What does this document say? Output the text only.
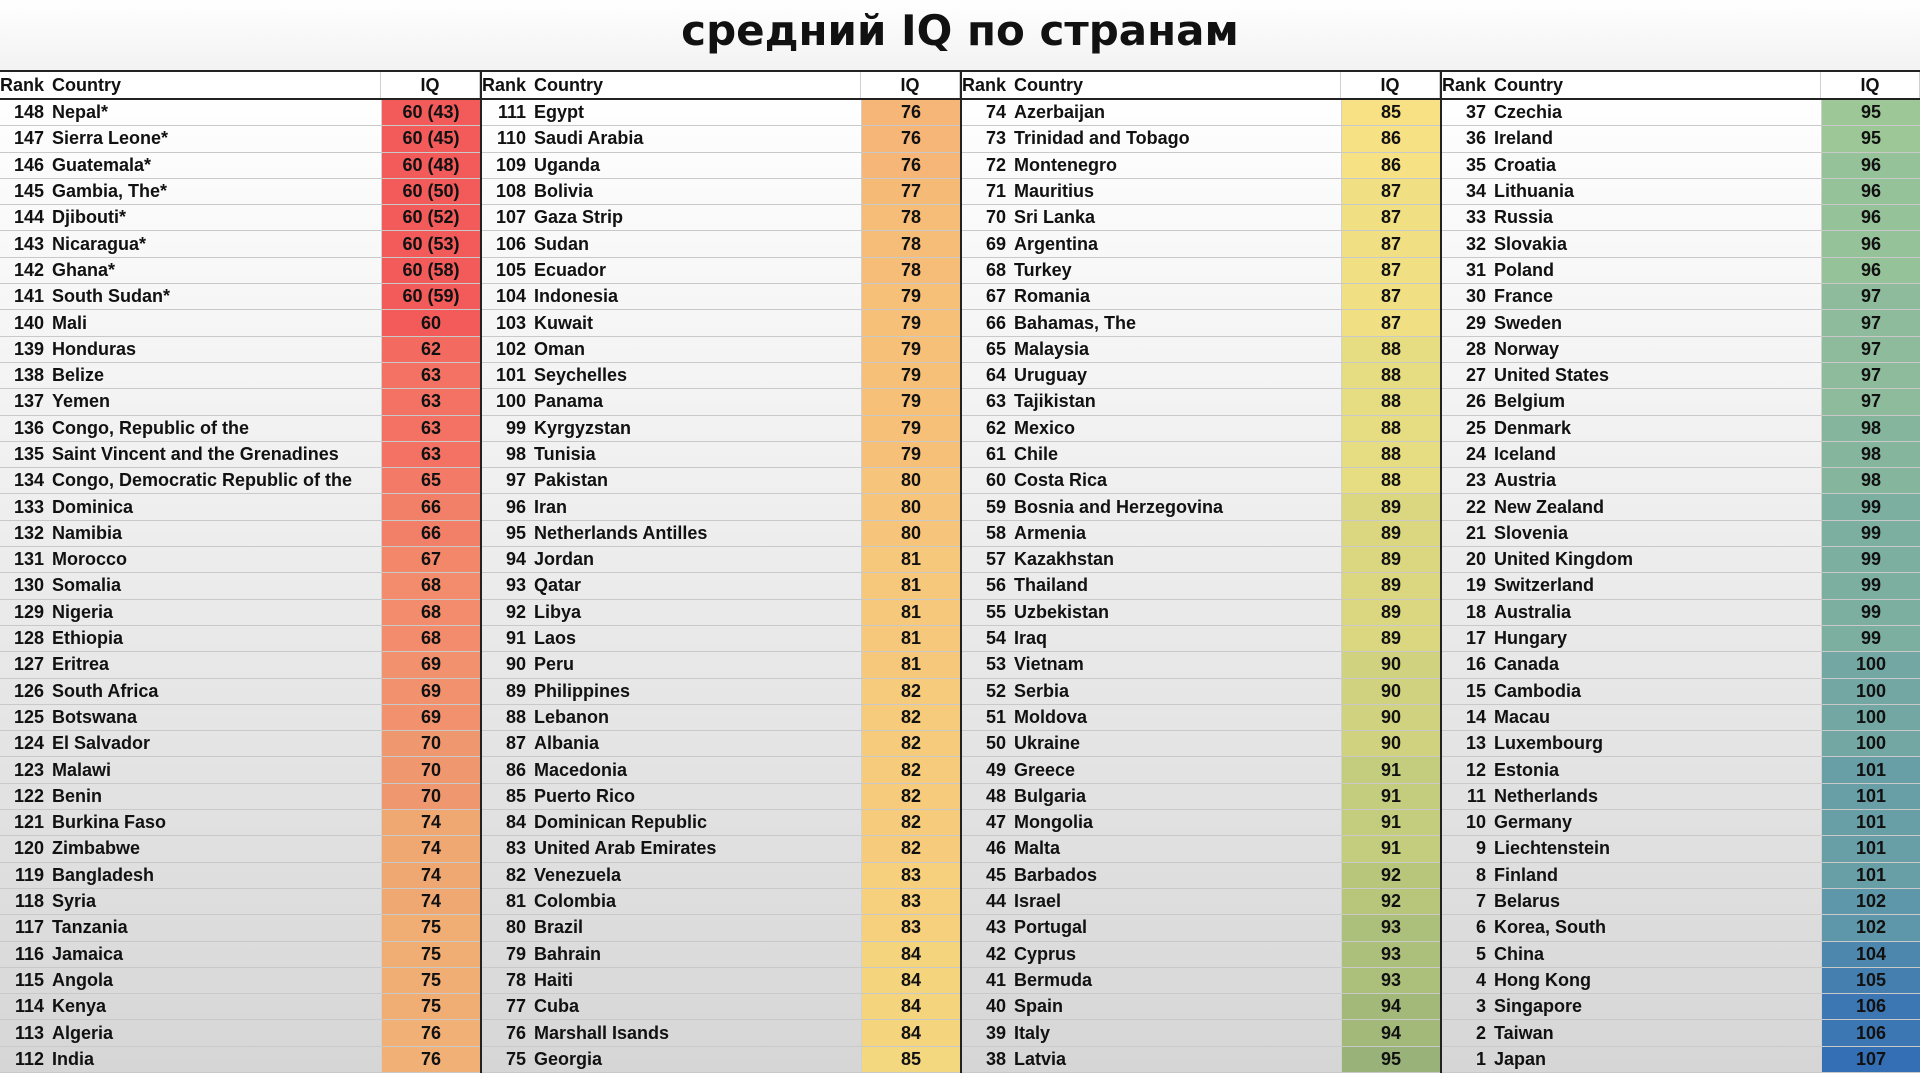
средний IQ по странам
Rank Country	IQ
148 Nepal*	60 (43)
147 Sierra Leone*	60 (45)
146 Guatemala*	60 (48)
145 Gambia, The*	60 (50)
144 Djibouti*	60 (52)
143 Nicaragua*	60 (53)
142 Ghana*	60 (58)
141 South Sudan*	60 (59)
140 Mali	60
139 Honduras	62
138 Belize	63
137 Yemen	63
136 Congo, Republic of the	63
135 Saint Vincent and the Grenadines	63
134 Congo, Democratic Republic of the	65
133 Dominica	66
132 Namibia	66
131 Morocco	67
130 Somalia	68
129 Nigeria	68
128 Ethiopia	68
127 Eritrea	69
126 South Africa	69
125 Botswana	69
124 El Salvador	70
123 Malawi	70
122 Benin	70
121 Burkina Faso	74
120 Zimbabwe	74
119 Bangladesh	74
118 Syria	74
117 Tanzania	75
116 Jamaica	75
115 Angola	75
114 Kenya	75
113 Algeria	76
112 India	76
Rank Country	IQ
111 Egypt	76
110 Saudi Arabia	76
109 Uganda	76
108 Bolivia	77
107 Gaza Strip	78
106 Sudan	78
105 Ecuador	78
104 Indonesia	79
103 Kuwait	79
102 Oman	79
101 Seychelles	79
100 Panama	79
99 Kyrgyzstan	79
98 Tunisia	79
97 Pakistan	80
96 Iran	80
95 Netherlands Antilles	80
94 Jordan	81
93 Qatar	81
92 Libya	81
91 Laos	81
90 Peru	81
89 Philippines	82
88 Lebanon	82
87 Albania	82
86 Macedonia	82
85 Puerto Rico	82
84 Dominican Republic	82
83 United Arab Emirates	82
82 Venezuela	83
81 Colombia	83
80 Brazil	83
79 Bahrain	84
78 Haiti	84
77 Cuba	84
76 Marshall Isands	84
75 Georgia	85
Rank Country	IQ
74 Azerbaijan	85
73 Trinidad and Tobago	86
72 Montenegro	86
71 Mauritius	87
70 Sri Lanka	87
69 Argentina	87
68 Turkey	87
67 Romania	87
66 Bahamas, The	87
65 Malaysia	88
64 Uruguay	88
63 Tajikistan	88
62 Mexico	88
61 Chile	88
60 Costa Rica	88
59 Bosnia and Herzegovina	89
58 Armenia	89
57 Kazakhstan	89
56 Thailand	89
55 Uzbekistan	89
54 Iraq	89
53 Vietnam	90
52 Serbia	90
51 Moldova	90
50 Ukraine	90
49 Greece	91
48 Bulgaria	91
47 Mongolia	91
46 Malta	91
45 Barbados	92
44 Israel	92
43 Portugal	93
42 Cyprus	93
41 Bermuda	93
40 Spain	94
39 Italy	94
38 Latvia	95
Rank Country	IQ
37 Czechia	95
36 Ireland	95
35 Croatia	96
34 Lithuania	96
33 Russia	96
32 Slovakia	96
31 Poland	96
30 France	97
29 Sweden	97
28 Norway	97
27 United States	97
26 Belgium	97
25 Denmark	98
24 Iceland	98
23 Austria	98
22 New Zealand	99
21 Slovenia	99
20 United Kingdom	99
19 Switzerland	99
18 Australia	99
17 Hungary	99
16 Canada	100
15 Cambodia	100
14 Macau	100
13 Luxembourg	100
12 Estonia	101
11 Netherlands	101
10 Germany	101
9 Liechtenstein	101
8 Finland	101
7 Belarus	102
6 Korea, South	102
5 China	104
4 Hong Kong	105
3 Singapore	106
2 Taiwan	106
1 Japan	107
